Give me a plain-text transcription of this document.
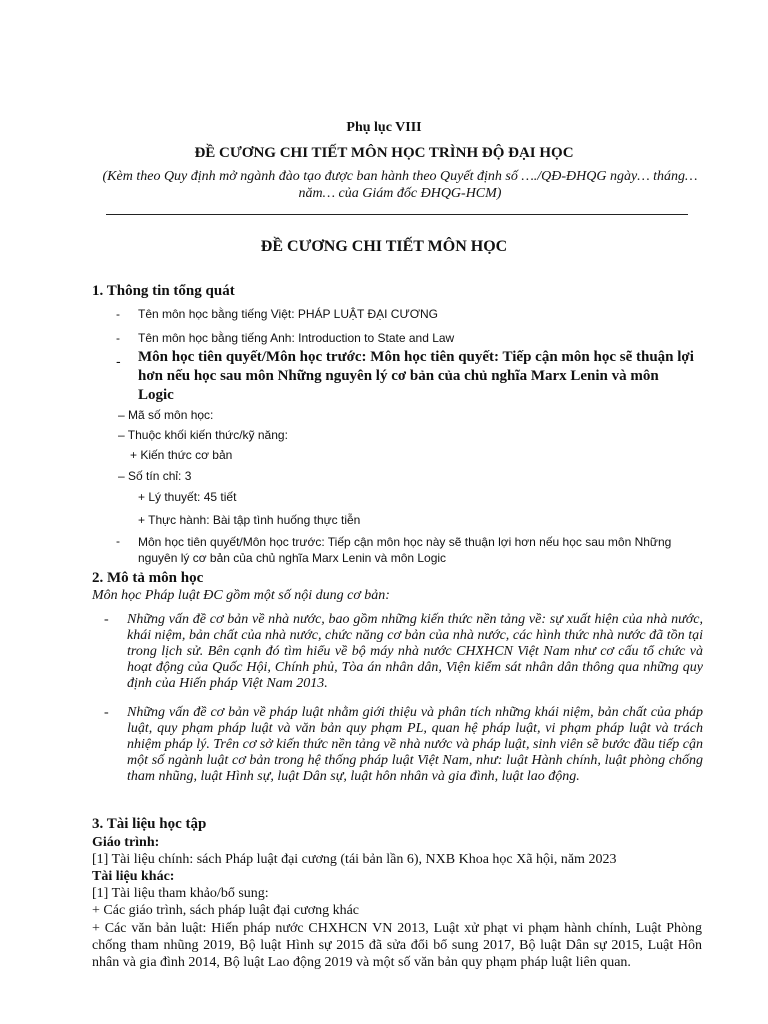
Phụ lục VIII
ĐỀ CƯƠNG CHI TIẾT MÔN HỌC TRÌNH ĐỘ ĐẠI HỌC
(Kèm theo Quy định mở ngành đào tạo được ban hành theo Quyết định số …./QĐ-ĐHQG ngày… tháng… năm… của Giám đốc ĐHQG-HCM)
ĐỀ CƯƠNG CHI TIẾT MÔN HỌC
1. Thông tin tổng quát
- Tên môn học bằng tiếng Việt: PHÁP LUẬT ĐẠI CƯƠNG
- Tên môn học bằng tiếng Anh: Introduction to State and Law
- Môn học tiên quyết/Môn học trước: Môn học tiên quyết: Tiếp cận môn học sẽ thuận lợi hơn nếu học sau môn Những nguyên lý cơ bản của chủ nghĩa Marx Lenin và môn Logic
– Mã số môn học:
– Thuộc khối kiến thức/kỹ năng:
+ Kiến thức cơ bản
– Số tín chỉ: 3
+ Lý thuyết: 45 tiết
+ Thực hành: Bài tập tình huống thực tiễn
- Môn học tiên quyết/Môn học trước: Tiếp cận môn học này sẽ thuận lợi hơn nếu học sau môn Những nguyên lý cơ bản của chủ nghĩa Marx Lenin và môn Logic
2. Mô tả môn học
Môn học Pháp luật ĐC gồm một số nội dung cơ bản:
- Những vấn đề cơ bản về nhà nước, bao gồm những kiến thức nền tảng về: sự xuất hiện của nhà nước, khái niệm, bản chất của nhà nước, chức năng cơ bản của nhà nước, các hình thức nhà nước đã tồn tại trong lịch sử. Bên cạnh đó tìm hiểu về bộ máy nhà nước CHXHCN Việt Nam như cơ cấu tổ chức và hoạt động của Quốc Hội, Chính phủ, Tòa án nhân dân, Viện kiểm sát nhân dân thông qua những quy định của Hiến pháp Việt Nam 2013.
- Những vấn đề cơ bản về pháp luật nhằm giới thiệu và phân tích những khái niệm, bản chất của pháp luật, quy phạm pháp luật và văn bản quy phạm PL, quan hệ pháp luật, vi phạm pháp luật và trách nhiệm pháp lý. Trên cơ sở kiến thức nền tảng về nhà nước và pháp luật, sinh viên sẽ bước đầu tiếp cận một số ngành luật cơ bản trong hệ thống pháp luật Việt Nam, như: luật Hành chính, luật phòng chống tham nhũng, luật Hình sự, luật Dân sự, luật hôn nhân và gia đình, luật lao động.
3. Tài liệu học tập
Giáo trình:
[1] Tài liệu chính: sách Pháp luật đại cương (tái bản lần 6), NXB Khoa học Xã hội, năm 2023
Tài liệu khác:
[1] Tài liệu tham khảo/bổ sung:
+ Các giáo trình, sách pháp luật đại cương khác
+ Các văn bản luật: Hiến pháp nước CHXHCN VN 2013, Luật xử phạt vi phạm hành chính, Luật Phòng chống tham nhũng 2019, Bộ luật Hình sự 2015 đã sửa đổi bổ sung 2017, Bộ luật Dân sự 2015, Luật Hôn nhân và gia đình 2014, Bộ luật Lao động 2019 và một số văn bản quy phạm pháp luật liên quan.
